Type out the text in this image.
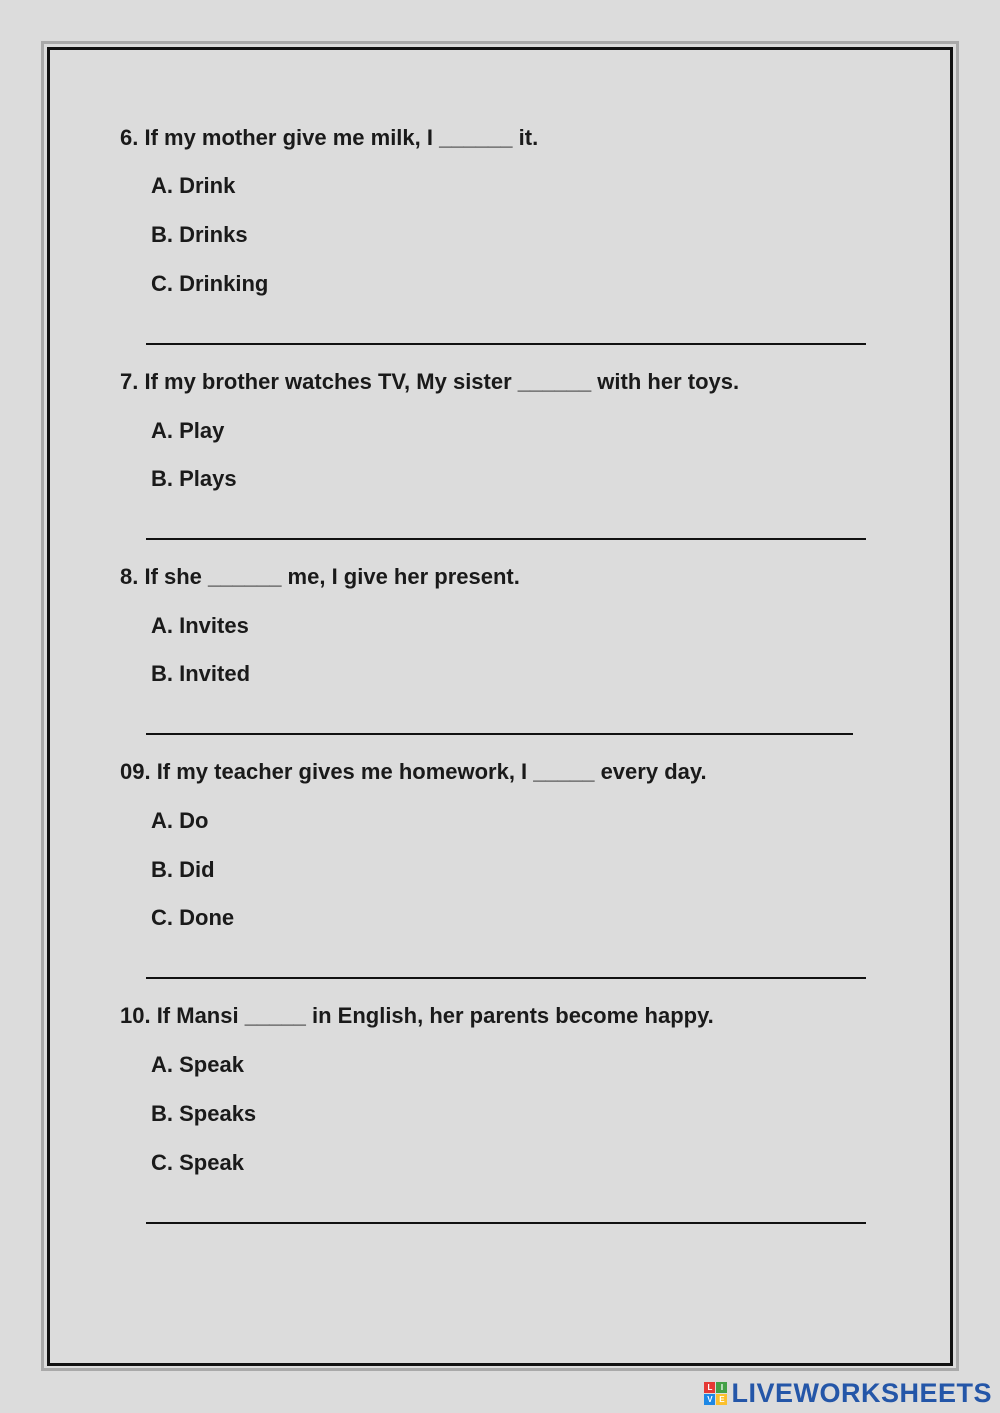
6. If my mother give me milk, I ______ it.

A. Drink

B. Drinks

C. Drinking

7. If my brother watches TV, My sister ______ with her toys.

A. Play

B. Plays

8. If she ______ me, I give her present.

A. Invites

B. Invited

09. If my teacher gives me homework, I _____ every day.

A. Do

B. Did

C. Done

10. If Mansi _____ in English, her parents become happy.

A. Speak

B. Speaks

C. Speak

L	I
V E LIVEWORKSHEETS
